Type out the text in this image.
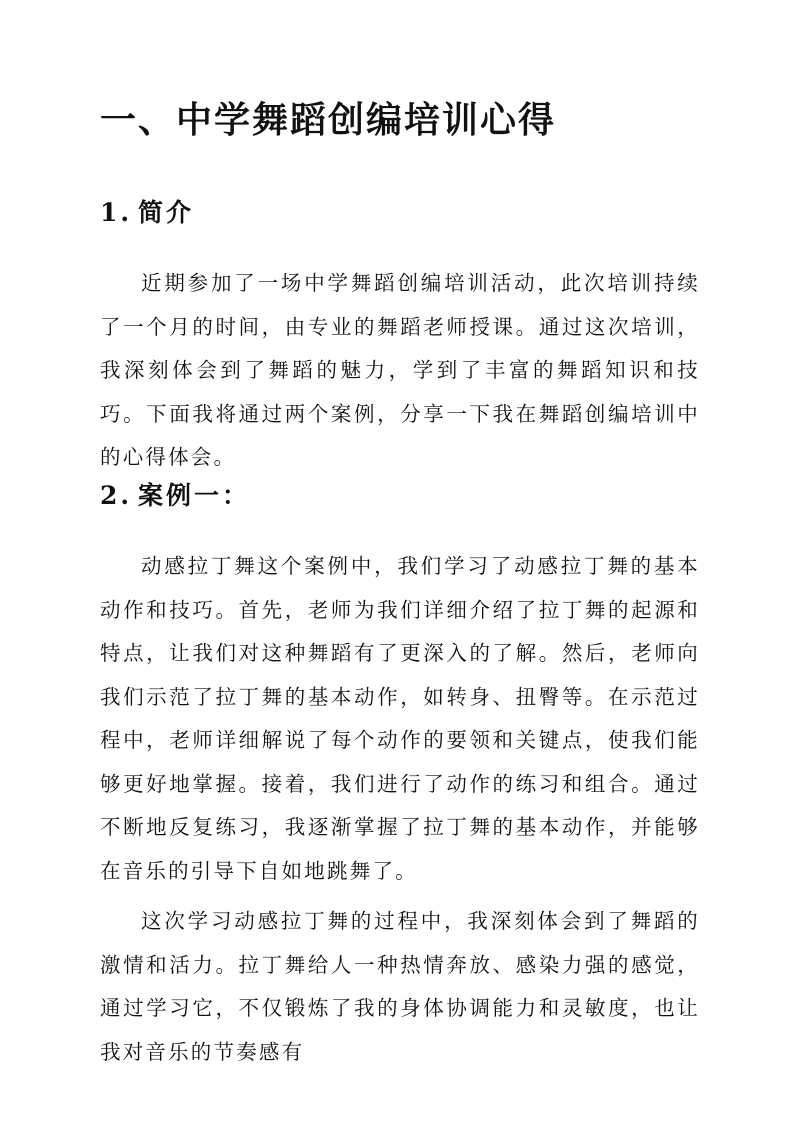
一、中学舞蹈创编培训心得
1. 简介

近期参加了一场中学舞蹈创编培训活动，此次培训持续了一个月的时间，由专业的舞蹈老师授课。通过这次培训，我深刻体会到了舞蹈的魅力，学到了丰富的舞蹈知识和技巧。下面我将通过两个案例，分享一下我在舞蹈创编培训中的心得体会。

2. 案例一：

动感拉丁舞这个案例中，我们学习了动感拉丁舞的基本动作和技巧。首先，老师为我们详细介绍了拉丁舞的起源和特点，让我们对这种舞蹈有了更深入的了解。然后，老师向我们示范了拉丁舞的基本动作，如转身、扭臀等。在示范过程中，老师详细解说了每个动作的要领和关键点，使我们能够更好地掌握。接着，我们进行了动作的练习和组合。通过不断地反复练习，我逐渐掌握了拉丁舞的基本动作，并能够在音乐的引导下自如地跳舞了。

这次学习动感拉丁舞的过程中，我深刻体会到了舞蹈的激情和活力。拉丁舞给人一种热情奔放、感染力强的感觉，通过学习它，不仅锻炼了我的身体协调能力和灵敏度，也让我对音乐的节奏感有
